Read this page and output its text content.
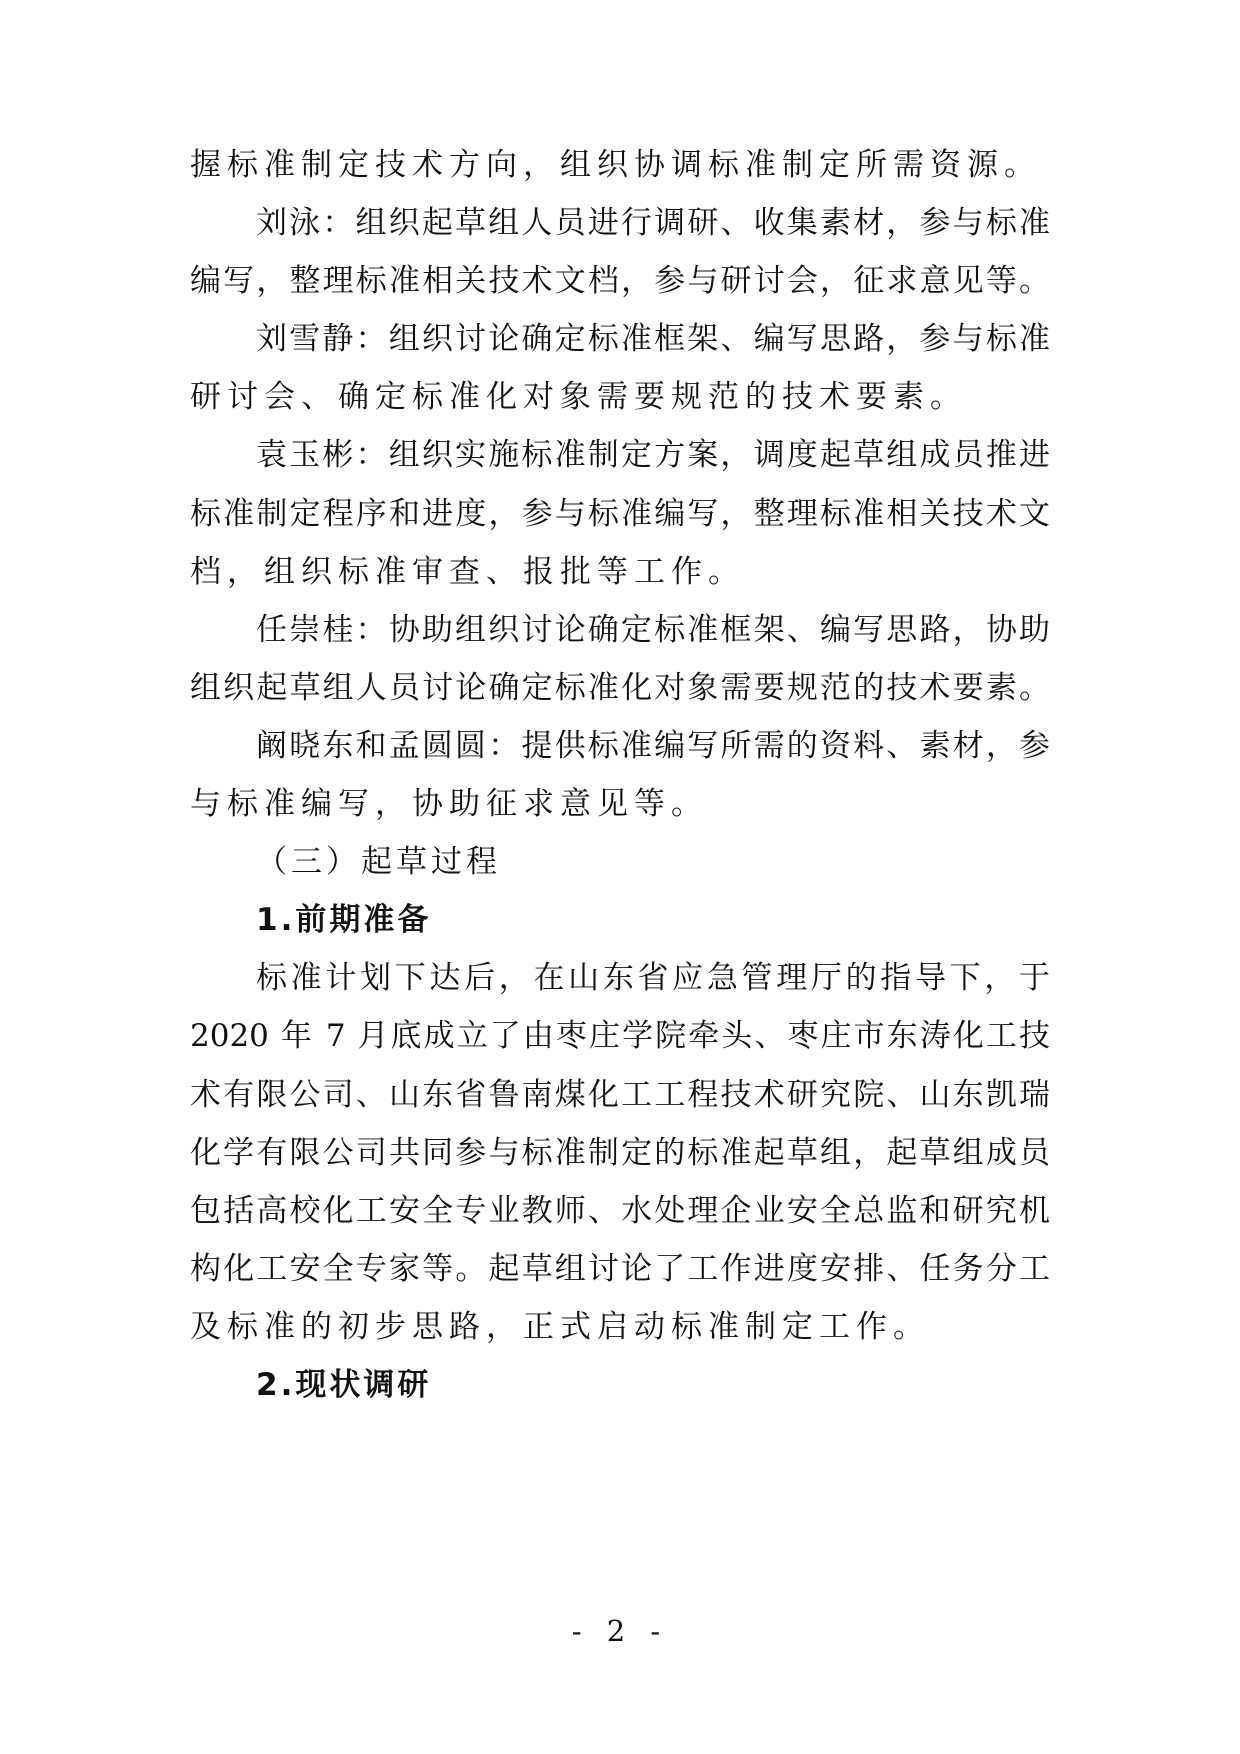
握标准制定技术方向，组织协调标准制定所需资源。
刘泳：组织起草组人员进行调研、收集素材，参与标准
编写，整理标准相关技术文档，参与研讨会，征求意见等。
刘雪静：组织讨论确定标准框架、编写思路，参与标准
研讨会、确定标准化对象需要规范的技术要素。
袁玉彬：组织实施标准制定方案，调度起草组成员推进
标准制定程序和进度，参与标准编写，整理标准相关技术文
档，组织标准审查、报批等工作。
任崇桂：协助组织讨论确定标准框架、编写思路，协助
组织起草组人员讨论确定标准化对象需要规范的技术要素。
阚晓东和孟圆圆：提供标准编写所需的资料、素材，参
与标准编写，协助征求意见等。
（三）起草过程
1.前期准备
标准计划下达后，在山东省应急管理厅的指导下，于
2020 年 7 月底成立了由枣庄学院牵头、枣庄市东涛化工技
术有限公司、山东省鲁南煤化工工程技术研究院、山东凯瑞
化学有限公司共同参与标准制定的标准起草组，起草组成员
包括高校化工安全专业教师、水处理企业安全总监和研究机
构化工安全专家等。起草组讨论了工作进度安排、任务分工
及标准的初步思路，正式启动标准制定工作。
2.现状调研
- 2 -
